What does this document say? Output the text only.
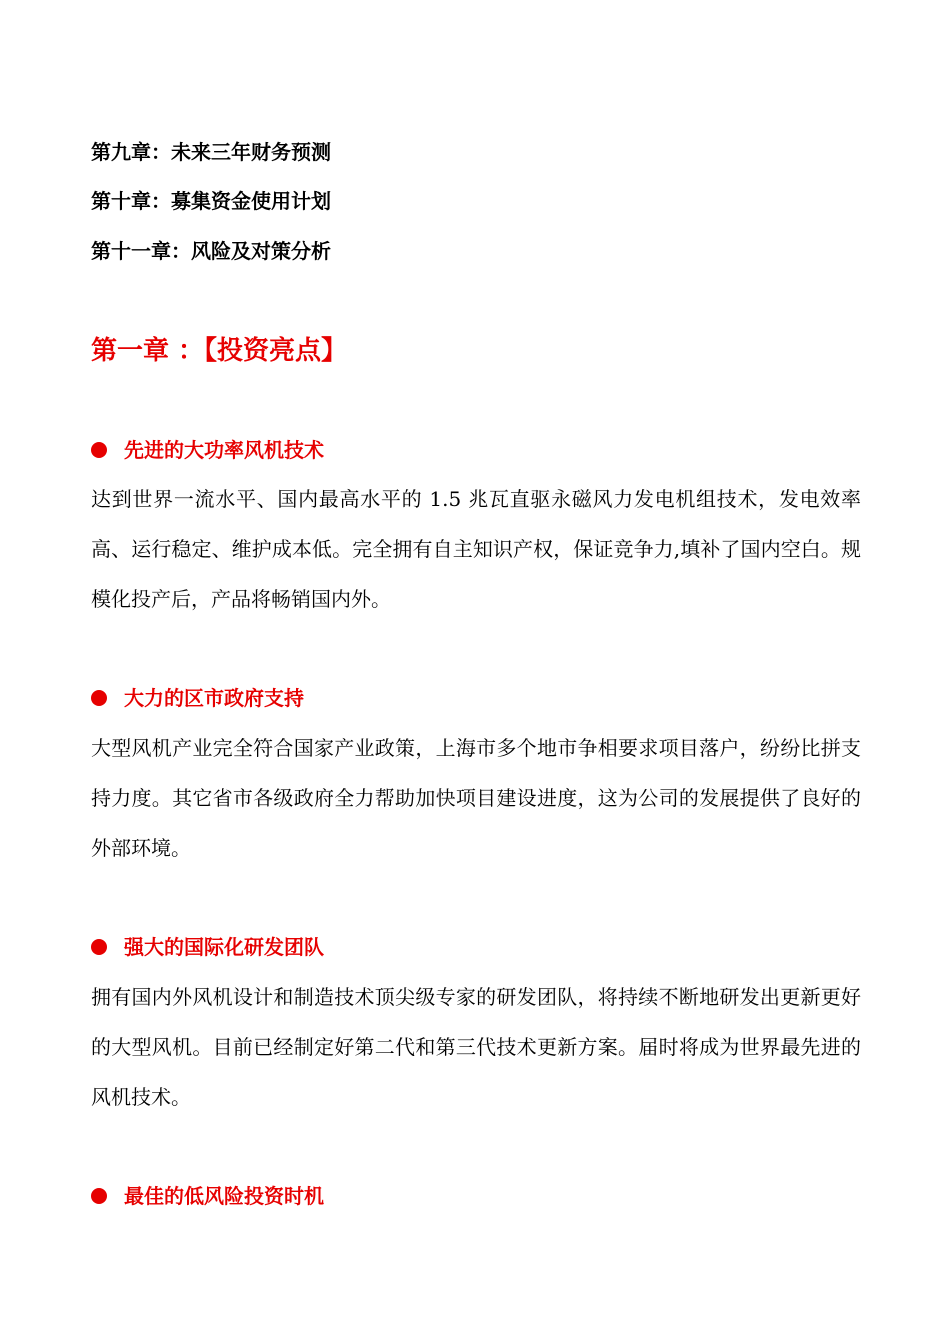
第九章：未来三年财务预测
第十章：募集资金使用计划
第十一章：风险及对策分析
第一章 ：【投资亮点】
先进的大功率风机技术

达到世界一流水平、国内最高水平的 1.5 兆瓦直驱永磁风力发电机组技术，发电效率高、运行稳定、维护成本低。完全拥有自主知识产权，保证竞争力,填补了国内空白。规模化投产后，产品将畅销国内外。

大力的区市政府支持

大型风机产业完全符合国家产业政策，上海市多个地市争相要求项目落户，纷纷比拼支持力度。其它省市各级政府全力帮助加快项目建设进度，这为公司的发展提供了良好的外部环境。

强大的国际化研发团队

拥有国内外风机设计和制造技术顶尖级专家的研发团队，将持续不断地研发出更新更好的大型风机。目前已经制定好第二代和第三代技术更新方案。届时将成为世界最先进的风机技术。

最佳的低风险投资时机
